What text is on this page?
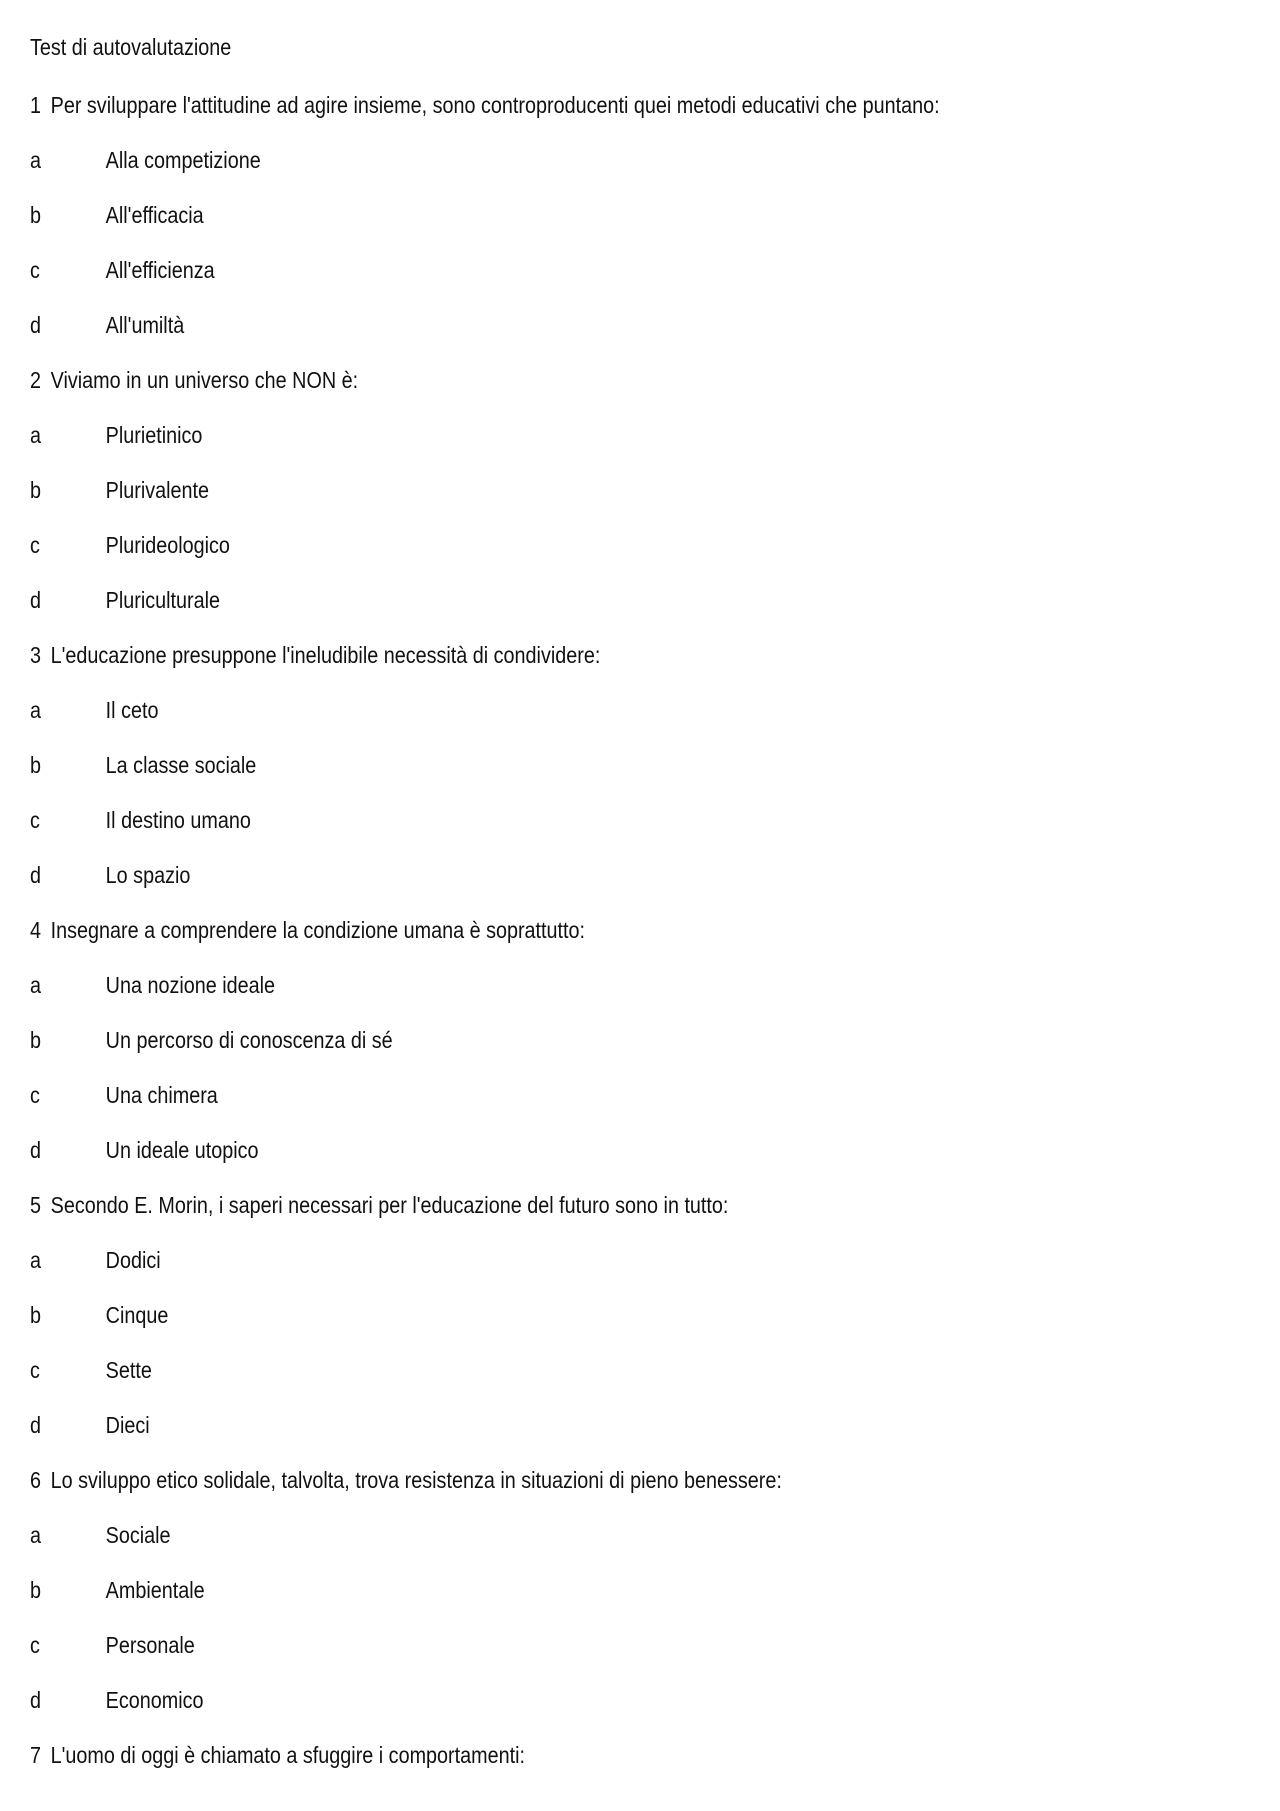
Test di autovalutazione
1 Per sviluppare l'attitudine ad agire insieme, sono controproducenti quei metodi educativi che puntano:
a	Alla competizione
b	All'efficacia
c	All'efficienza
d	All'umiltà
2 Viviamo in un universo che NON è:
a	Plurietinico
b	Plurivalente
c	Plurideologico
d	Pluriculturale
3 L'educazione presuppone l'ineludibile necessità di condividere:
a	Il ceto
b	La classe sociale
c	Il destino umano
d	Lo spazio
4 Insegnare a comprendere la condizione umana è soprattutto:
a	Una nozione ideale
b	Un percorso di conoscenza di sé
c	Una chimera
d	Un ideale utopico
5 Secondo E. Morin, i saperi necessari per l'educazione del futuro sono in tutto:
a	Dodici
b	Cinque
c	Sette
d	Dieci
6 Lo sviluppo etico solidale, talvolta, trova resistenza in situazioni di pieno benessere:
a	Sociale
b	Ambientale
c	Personale
d	Economico
7 L'uomo di oggi è chiamato a sfuggire i comportamenti:
